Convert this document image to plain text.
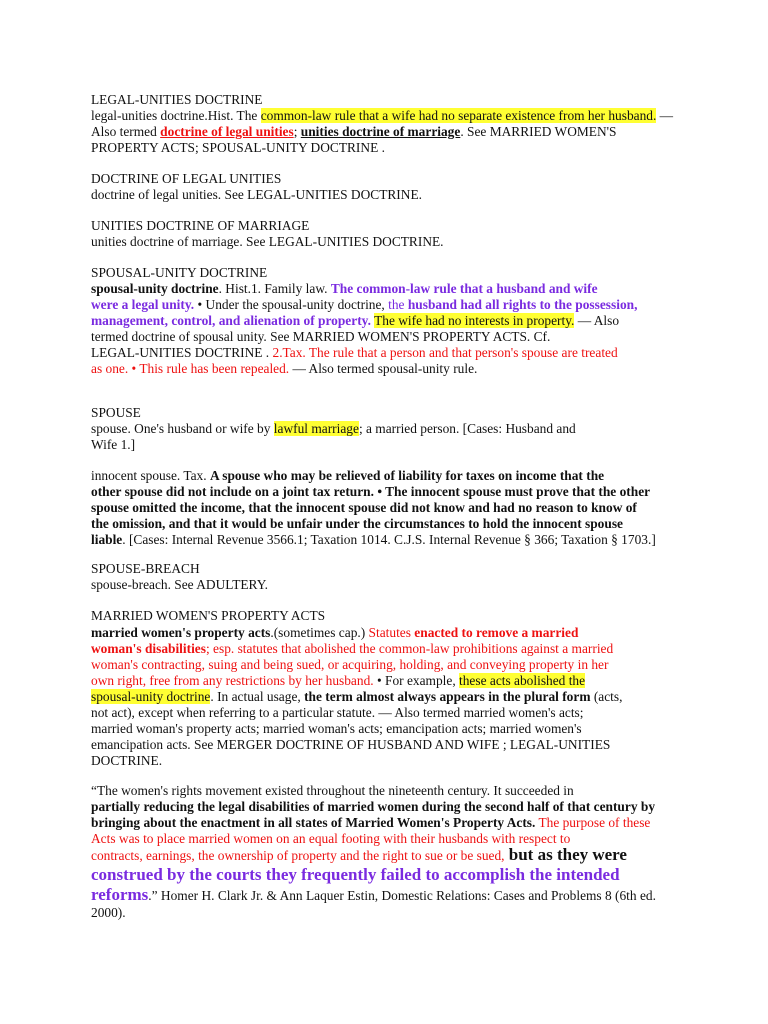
LEGAL-UNITIES DOCTRINE
legal-unities doctrine.Hist. The common-law rule that a wife had no separate existence from her husband. —
Also termed doctrine of legal unities; unities doctrine of marriage. See MARRIED WOMEN'S
PROPERTY ACTS; SPOUSAL-UNITY DOCTRINE .
DOCTRINE OF LEGAL UNITIES
doctrine of legal unities. See LEGAL-UNITIES DOCTRINE.
UNITIES DOCTRINE OF MARRIAGE
unities doctrine of marriage. See LEGAL-UNITIES DOCTRINE.
SPOUSAL-UNITY DOCTRINE
spousal-unity doctrine. Hist.1. Family law. The common-law rule that a husband and wife
were a legal unity. • Under the spousal-unity doctrine, the husband had all rights to the possession,
management, control, and alienation of property. The wife had no interests in property. — Also
termed doctrine of spousal unity. See MARRIED WOMEN'S PROPERTY ACTS. Cf.
LEGAL-UNITIES DOCTRINE . 2.Tax. The rule that a person and that person's spouse are treated
as one. • This rule has been repealed. — Also termed spousal-unity rule.
SPOUSE
spouse. One's husband or wife by lawful marriage; a married person. [Cases: Husband and
Wife 1.]
innocent spouse. Tax. A spouse who may be relieved of liability for taxes on income that the
other spouse did not include on a joint tax return. • The innocent spouse must prove that the other
spouse omitted the income, that the innocent spouse did not know and had no reason to know of
the omission, and that it would be unfair under the circumstances to hold the innocent spouse
liable. [Cases: Internal Revenue 3566.1; Taxation 1014. C.J.S. Internal Revenue § 366; Taxation § 1703.]
SPOUSE-BREACH
spouse-breach. See ADULTERY.
MARRIED WOMEN'S PROPERTY ACTS
married women's property acts.(sometimes cap.) Statutes enacted to remove a married
woman's disabilities; esp. statutes that abolished the common-law prohibitions against a married
woman's contracting, suing and being sued, or acquiring, holding, and conveying property in her
own right, free from any restrictions by her husband. • For example, these acts abolished the
spousal-unity doctrine. In actual usage, the term almost always appears in the plural form (acts,
not act), except when referring to a particular statute. — Also termed married women's acts;
married woman's property acts; married woman's acts; emancipation acts; married women's
emancipation acts. See MERGER DOCTRINE OF HUSBAND AND WIFE ; LEGAL-UNITIES
DOCTRINE.
“The women's rights movement existed throughout the nineteenth century. It succeeded in
partially reducing the legal disabilities of married women during the second half of that century by
bringing about the enactment in all states of Married Women's Property Acts. The purpose of these
Acts was to place married women on an equal footing with their husbands with respect to
contracts, earnings, the ownership of property and the right to sue or be sued, but as they were
construed by the courts they frequently failed to accomplish the intended
reforms.” Homer H. Clark Jr. & Ann Laquer Estin, Domestic Relations: Cases and Problems 8 (6th ed.
2000).
